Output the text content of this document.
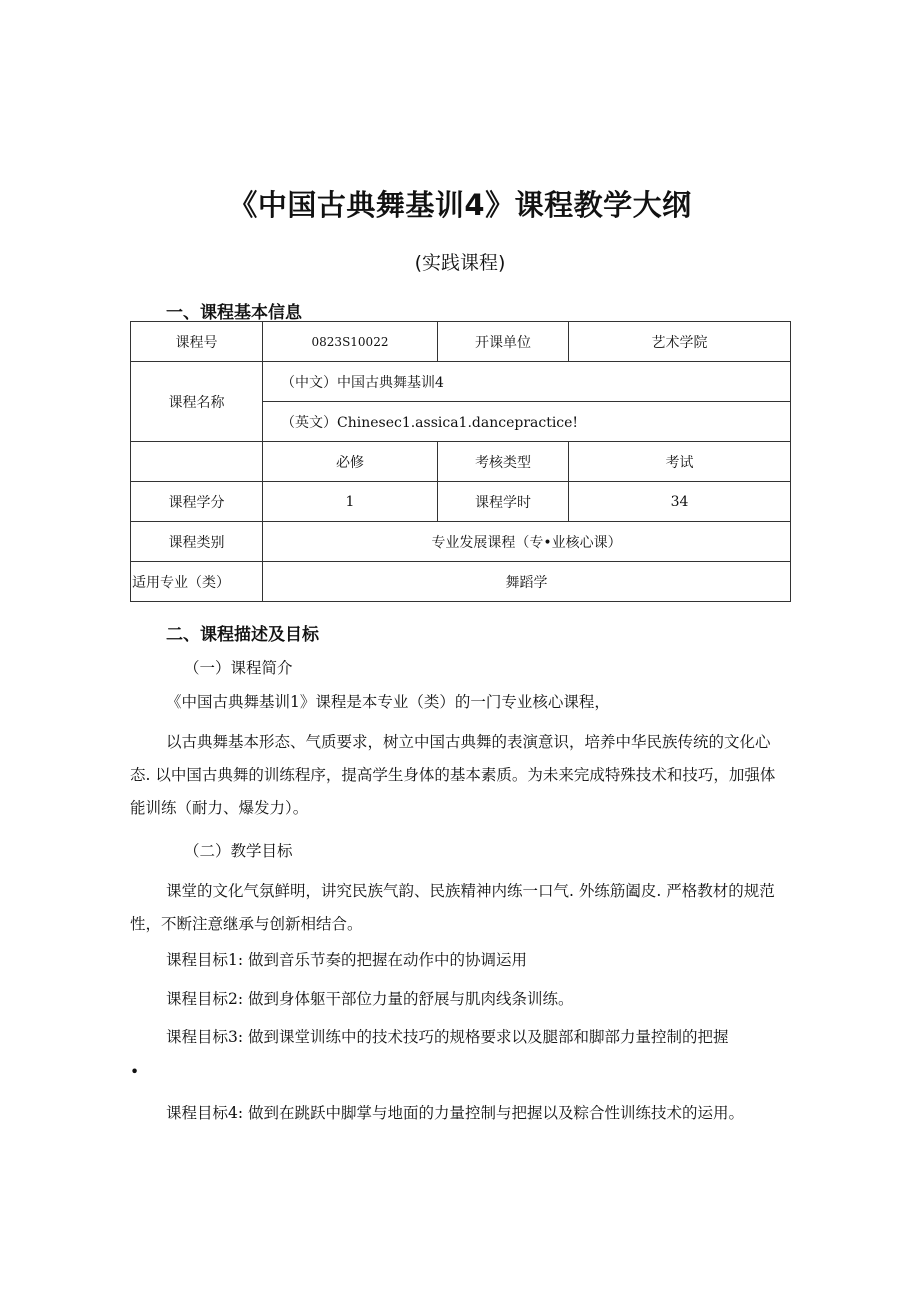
《中国古典舞基训4》课程教学大纲
(实践课程)
一、课程基本信息
课程号	0823S10022	开课单位	艺术学院
课程名称	（中文）中国古典舞基训4		
	（英文）Chinesec1.assica1.dancepractice!		
	必修	考核类型	考试
课程学分	1	课程学时	34
课程类别	专业发展课程（专•业核心课）		
适用专业（类）	舞蹈学		
二、课程描述及目标
（一）课程简介
《中国古典舞基训1》课程是本专业（类）的一门专业核心课程，
以古典舞基本形态、气质要求，树立中国古典舞的表演意识，培养中华民族传统的文化心态. 以中国古典舞的训练程序，提高学生身体的基本素质。为未来完成特殊技术和技巧，加强体能训练（耐力、爆发力）。
（二）教学目标
课堂的文化气氛鲜明，讲究民族气韵、民族精神内练一口气. 外练筋阖皮. 严格教材的规范性，不断注意继承与创新相结合。
课程目标1: 做到音乐节奏的把握在动作中的协调运用
课程目标2: 做到身体躯干部位力量的舒展与肌肉线条训练。
课程目标3: 做到课堂训练中的技术技巧的规格要求以及腿部和脚部力量控制的把握
•
课程目标4: 做到在跳跃中脚掌与地面的力量控制与把握以及粽合性训练技术的运用。
